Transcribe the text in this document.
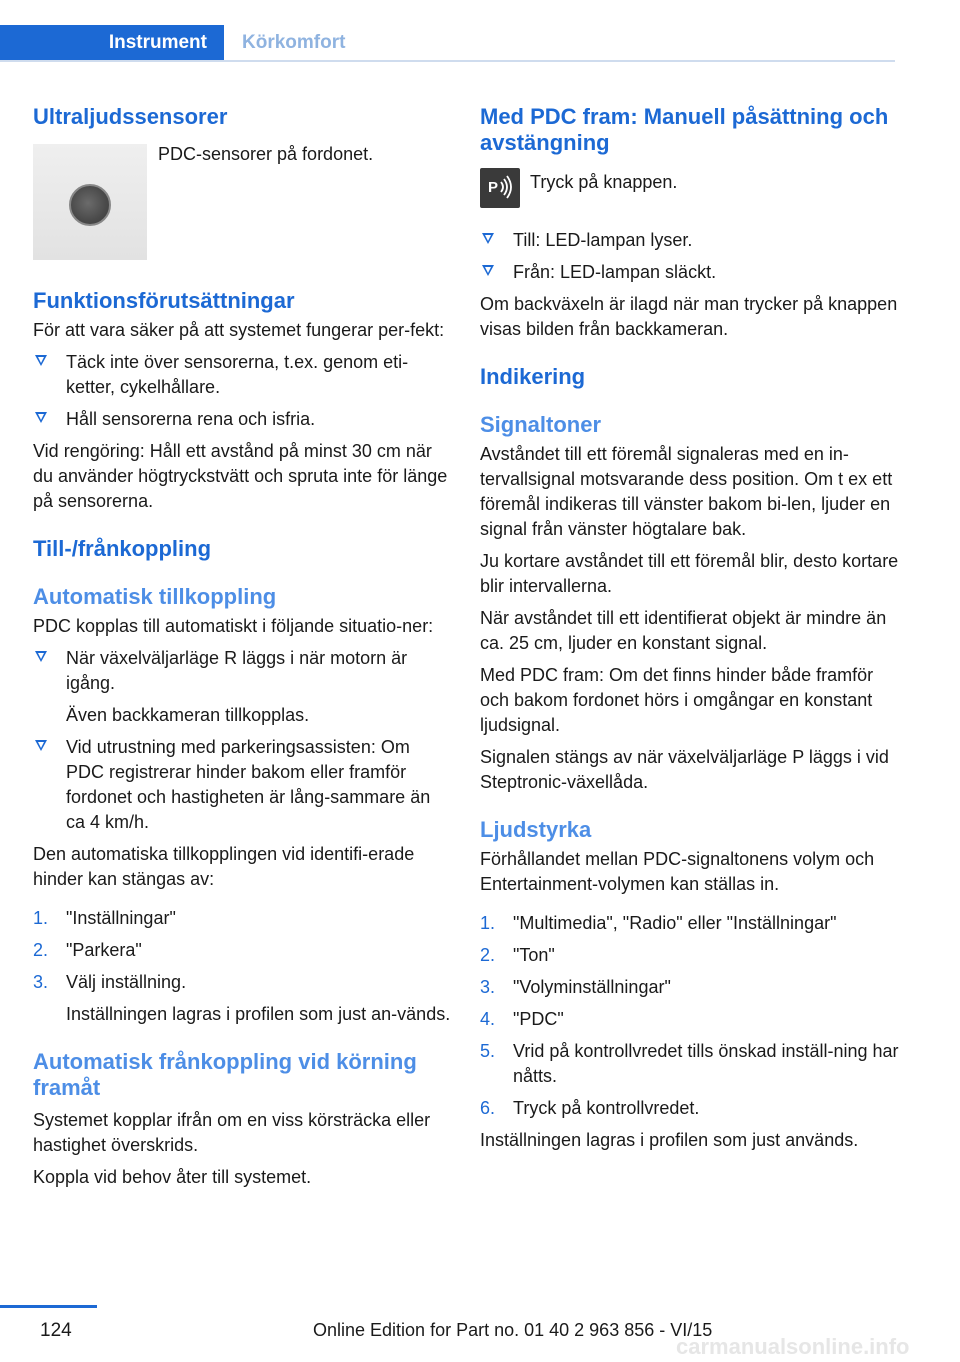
Instrument	Körkomfort
Ultraljudssensorer

PDC-sensorer på fordonet.

Funktionsförutsättningar

För att vara säker på att systemet fungerar per-fekt:

Täck inte över sensorerna, t.ex. genom eti-ketter, cykelhållare.
Håll sensorerna rena och isfria.

Vid rengöring: Håll ett avstånd på minst 30 cm när du använder högtryckstvätt och spruta inte för länge på sensorerna.

Till-/frånkoppling
Automatisk tillkoppling

PDC kopplas till automatiskt i följande situatio-ner:

När växelväljarläge R läggs i när motorn är igång.
Även backkameran tillkopplas.
Vid utrustning med parkeringsassisten: Om PDC registrerar hinder bakom eller framför fordonet och hastigheten är lång-sammare än ca 4 km/h.

Den automatiska tillkopplingen vid identifi-erade hinder kan stängas av:

1. "Inställningar"
2. "Parkera"
3. Välj inställning.
Inställningen lagras i profilen som just an-vänds.
Automatisk frånkoppling vid körning framåt

Systemet kopplar ifrån om en viss körsträcka eller hastighet överskrids.

Koppla vid behov åter till systemet.

Med PDC fram: Manuell påsättning och avstängning
P Tryck på knappen.

Till: LED-lampan lyser.
Från: LED-lampan släckt.

Om backväxeln är ilagd när man trycker på knappen visas bilden från backkameran.

Indikering
Signaltoner

Avståndet till ett föremål signaleras med en in-tervallsignal motsvarande dess position. Om t ex ett föremål indikeras till vänster bakom bi-len, ljuder en signal från vänster högtalare bak.

Ju kortare avståndet till ett föremål blir, desto kortare blir intervallerna.

När avståndet till ett identifierat objekt är mindre än ca. 25 cm, ljuder en konstant signal.

Med PDC fram: Om det finns hinder både framför och bakom fordonet hörs i omgångar en konstant ljudsignal.

Signalen stängs av när växelväljarläge P läggs i vid Steptronic-växellåda.

Ljudstyrka

Förhållandet mellan PDC-signaltonens volym och Entertainment-volymen kan ställas in.

1. "Multimedia", "Radio" eller "Inställningar"
2. "Ton"
3. "Volyminställningar"
4. "PDC"
5. Vrid på kontrollvredet tills önskad inställ-ning har nåtts.
6. Tryck på kontrollvredet.

Inställningen lagras i profilen som just används.

124	Online Edition for Part no. 01 40 2 963 856 - VI/15
carmanualsonline.info
